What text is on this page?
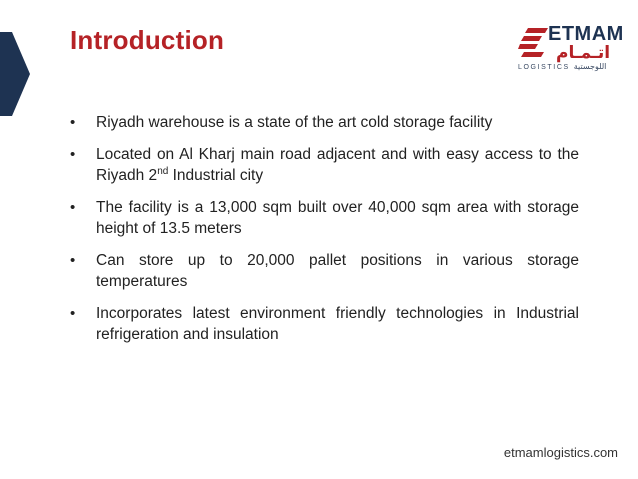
Introduction	ETMAM
اتـمـام
LOGISTICS اللوجستية
• Riyadh warehouse is a state of the art cold storage facility
• Located on Al Kharj main road adjacent and with easy access to the Riyadh 2nd Industrial city
• The facility is a 13,000 sqm built over 40,000 sqm area with storage height of 13.5 meters
• Can store up to 20,000 pallet positions in various storage temperatures
• Incorporates latest environment friendly technologies in Industrial refrigeration and insulation
etmamlogistics.com
